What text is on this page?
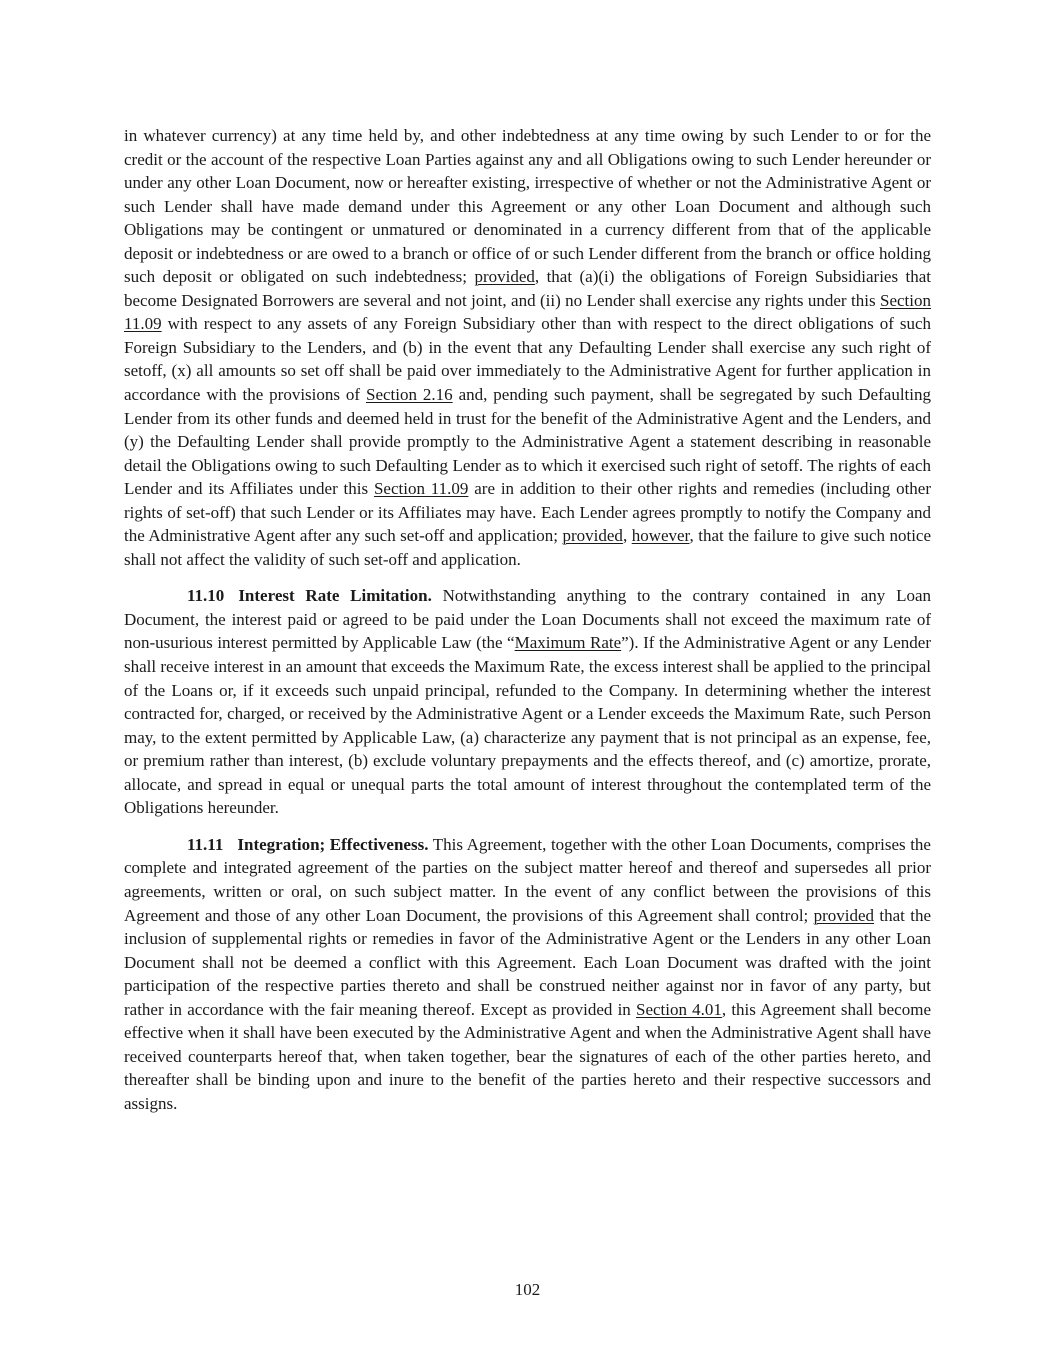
in whatever currency) at any time held by, and other indebtedness at any time owing by such Lender to or for the credit or the account of the respective Loan Parties against any and all Obligations owing to such Lender hereunder or under any other Loan Document, now or hereafter existing, irrespective of whether or not the Administrative Agent or such Lender shall have made demand under this Agreement or any other Loan Document and although such Obligations may be contingent or unmatured or denominated in a currency different from that of the applicable deposit or indebtedness or are owed to a branch or office of or such Lender different from the branch or office holding such deposit or obligated on such indebtedness; provided, that (a)(i) the obligations of Foreign Subsidiaries that become Designated Borrowers are several and not joint, and (ii) no Lender shall exercise any rights under this Section 11.09 with respect to any assets of any Foreign Subsidiary other than with respect to the direct obligations of such Foreign Subsidiary to the Lenders, and (b) in the event that any Defaulting Lender shall exercise any such right of setoff, (x) all amounts so set off shall be paid over immediately to the Administrative Agent for further application in accordance with the provisions of Section 2.16 and, pending such payment, shall be segregated by such Defaulting Lender from its other funds and deemed held in trust for the benefit of the Administrative Agent and the Lenders, and (y) the Defaulting Lender shall provide promptly to the Administrative Agent a statement describing in reasonable detail the Obligations owing to such Defaulting Lender as to which it exercised such right of setoff. The rights of each Lender and its Affiliates under this Section 11.09 are in addition to their other rights and remedies (including other rights of set-off) that such Lender or its Affiliates may have. Each Lender agrees promptly to notify the Company and the Administrative Agent after any such set-off and application; provided, however, that the failure to give such notice shall not affect the validity of such set-off and application.

11.10 Interest Rate Limitation. Notwithstanding anything to the contrary contained in any Loan Document, the interest paid or agreed to be paid under the Loan Documents shall not exceed the maximum rate of non-usurious interest permitted by Applicable Law (the “Maximum Rate”). If the Administrative Agent or any Lender shall receive interest in an amount that exceeds the Maximum Rate, the excess interest shall be applied to the principal of the Loans or, if it exceeds such unpaid principal, refunded to the Company. In determining whether the interest contracted for, charged, or received by the Administrative Agent or a Lender exceeds the Maximum Rate, such Person may, to the extent permitted by Applicable Law, (a) characterize any payment that is not principal as an expense, fee, or premium rather than interest, (b) exclude voluntary prepayments and the effects thereof, and (c) amortize, prorate, allocate, and spread in equal or unequal parts the total amount of interest throughout the contemplated term of the Obligations hereunder.

11.11 Integration; Effectiveness. This Agreement, together with the other Loan Documents, comprises the complete and integrated agreement of the parties on the subject matter hereof and thereof and supersedes all prior agreements, written or oral, on such subject matter. In the event of any conflict between the provisions of this Agreement and those of any other Loan Document, the provisions of this Agreement shall control; provided that the inclusion of supplemental rights or remedies in favor of the Administrative Agent or the Lenders in any other Loan Document shall not be deemed a conflict with this Agreement. Each Loan Document was drafted with the joint participation of the respective parties thereto and shall be construed neither against nor in favor of any party, but rather in accordance with the fair meaning thereof. Except as provided in Section 4.01, this Agreement shall become effective when it shall have been executed by the Administrative Agent and when the Administrative Agent shall have received counterparts hereof that, when taken together, bear the signatures of each of the other parties hereto, and thereafter shall be binding upon and inure to the benefit of the parties hereto and their respective successors and assigns.

102
